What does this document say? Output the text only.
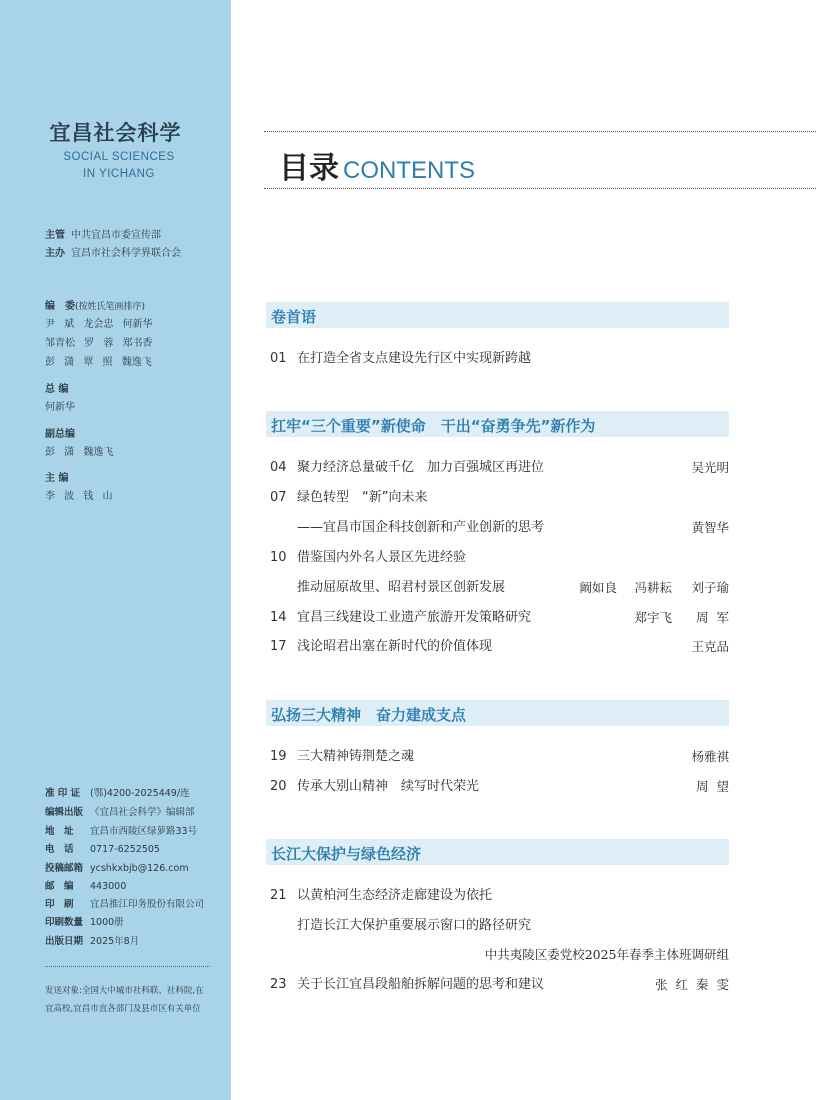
宜昌社会科学
SOCIAL SCIENCES
IN YICHANG
主管 中共宜昌市委宣传部
主办 宜昌市社会科学界联合会
编　委(按姓氏笔画排序)
尹 斌 龙会忠 何新华
邹青松 罗 蓉 郑书香
彭 潇 覃 照 魏逸飞
总 编
何新华
副总编
彭 潇 魏逸飞
主 编
李 波 钱 山
准 印 证 (鄂)4200-2025449/连
编辑出版 《宜昌社会科学》编辑部
地　址 宜昌市西陵区绿萝路33号
电　话 0717-6252505
投稿邮箱 ycshkxbjb@126.com
邮　编 443000
印　刷 宜昌推江印务股份有限公司
印刷数量 1000册
出版日期 2025年8月
发送对象:全国大中城市社科联、社科院,在
宜高校,宜昌市直各部门及县市区有关单位
目录 CONTENTS
卷首语
01 在打造全省支点建设先行区中实现新跨越
扛牢“三个重要”新使命　干出“奋勇争先”新作为
04 聚力经济总量破千亿　加力百强城区再进位	吴光明
07 绿色转型　“新”向未来
——宜昌市国企科技创新和产业创新的思考	黄智华
10 借鉴国内外名人景区先进经验
推动屈原故里、昭君村景区创新发展	阚如良 冯耕耘 刘子瑜
14 宜昌三线建设工业遗产旅游开发策略研究	郑宇飞 周 军
17 浅论昭君出塞在新时代的价值体现	王克品
弘扬三大精神　奋力建成支点
19 三大精神铸荆楚之魂	杨雅祺
20 传承大别山精神　续写时代荣光	周 望
长江大保护与绿色经济
21 以黄柏河生态经济走廊建设为依托
打造长江大保护重要展示窗口的路径研究
中共夷陵区委党校2025年春季主体班调研组
23 关于长江宜昌段船舶拆解问题的思考和建议	张 红 秦 雯
